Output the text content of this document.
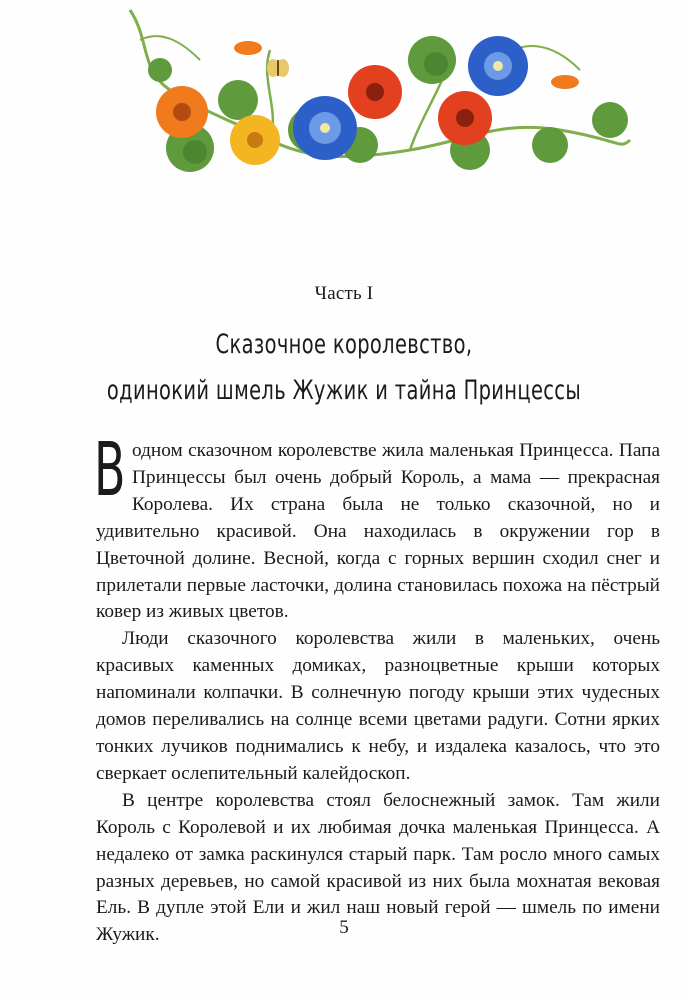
Часть I
Сказочное королевство,
одинокий шмель Жужик и тайна Принцессы

В одном сказочном королевстве жила маленькая Принцесса. Папа Принцессы был очень добрый Король, а мама — прекрасная Королева. Их страна была не только сказочной, но и удивительно красивой. Она находилась в окружении гор в Цветочной долине. Весной, когда с горных вершин сходил снег и прилетали первые ласточки, долина становилась похожа на пёстрый ковер из живых цветов.

Люди сказочного королевства жили в маленьких, очень красивых каменных домиках, разноцветные крыши которых напоминали колпачки. В солнечную погоду крыши этих чудесных домов переливались на солнце всеми цветами радуги. Сотни ярких тонких лучиков поднимались к небу, и издалека казалось, что это сверкает ослепительный калейдоскоп.

В центре королевства стоял белоснежный замок. Там жили Король с Королевой и их любимая дочка маленькая Принцесса. А недалеко от замка раскинулся старый парк. Там росло много самых разных деревьев, но самой красивой из них была мохнатая вековая Ель. В дупле этой Ели и жил наш новый герой — шмель по имени Жужик.	5
